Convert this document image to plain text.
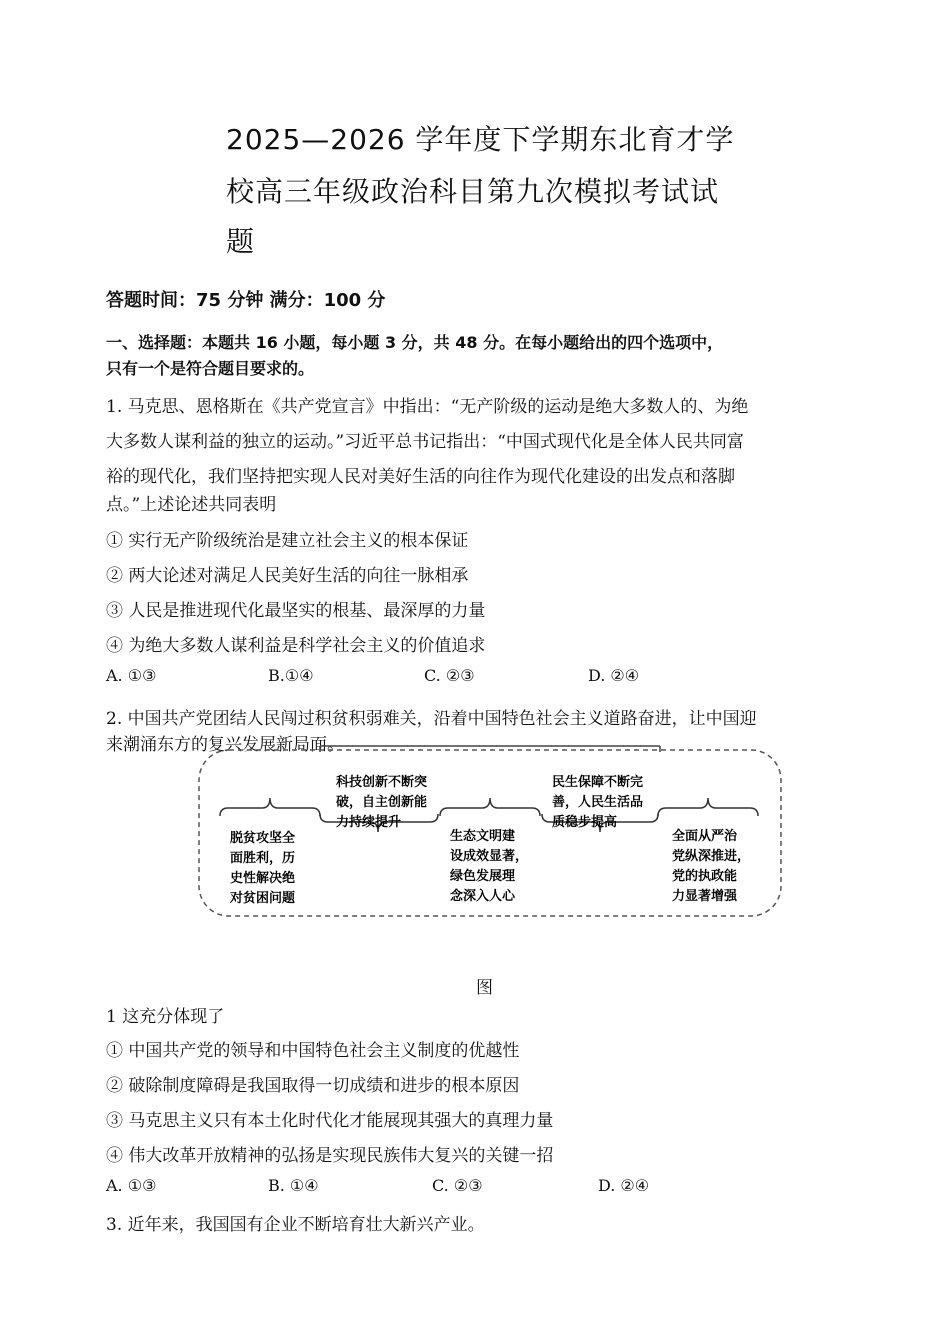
2025—2026 学年度下学期东北育才学
校高三年级政治科目第九次模拟考试试
题
答题时间：75 分钟 满分：100 分
一、选择题：本题共 16 小题，每小题 3 分，共 48 分。在每小题给出的四个选项中，
只有一个是符合题目要求的。
1. 马克思、恩格斯在《共产党宣言》中指出：“无产阶级的运动是绝大多数人的、为绝
大多数人谋利益的独立的运动。”习近平总书记指出：“中国式现代化是全体人民共同富
裕的现代化，我们坚持把实现人民对美好生活的向往作为现代化建设的出发点和落脚
点。”上述论述共同表明
① 实行无产阶级统治是建立社会主义的根本保证
② 两大论述对满足人民美好生活的向往一脉相承
③ 人民是推进现代化最坚实的根基、最深厚的力量
④ 为绝大多数人谋利益是科学社会主义的价值追求
A. ①③	B.①④	C. ②③	D. ②④
2. 中国共产党团结人民闯过积贫积弱难关，沿着中国特色社会主义道路奋进，让中国迎
来潮涌东方的复兴发展新局面。
脱贫攻坚全
面胜利，历
史性解决绝
对贫困问题
科技创新不断突
破，自主创新能
力持续提升
生态文明建
设成效显著，
绿色发展理
念深入人心
民生保障不断完
善，人民生活品
质稳步提高
全面从严治
党纵深推进，
党的执政能
力显著增强
图
1 这充分体现了
① 中国共产党的领导和中国特色社会主义制度的优越性
② 破除制度障碍是我国取得一切成绩和进步的根本原因
③ 马克思主义只有本土化时代化才能展现其强大的真理力量
④ 伟大改革开放精神的弘扬是实现民族伟大复兴的关键一招
A. ①③	B. ①④	C. ②③	D. ②④
3. 近年来，我国国有企业不断培育壮大新兴产业。
